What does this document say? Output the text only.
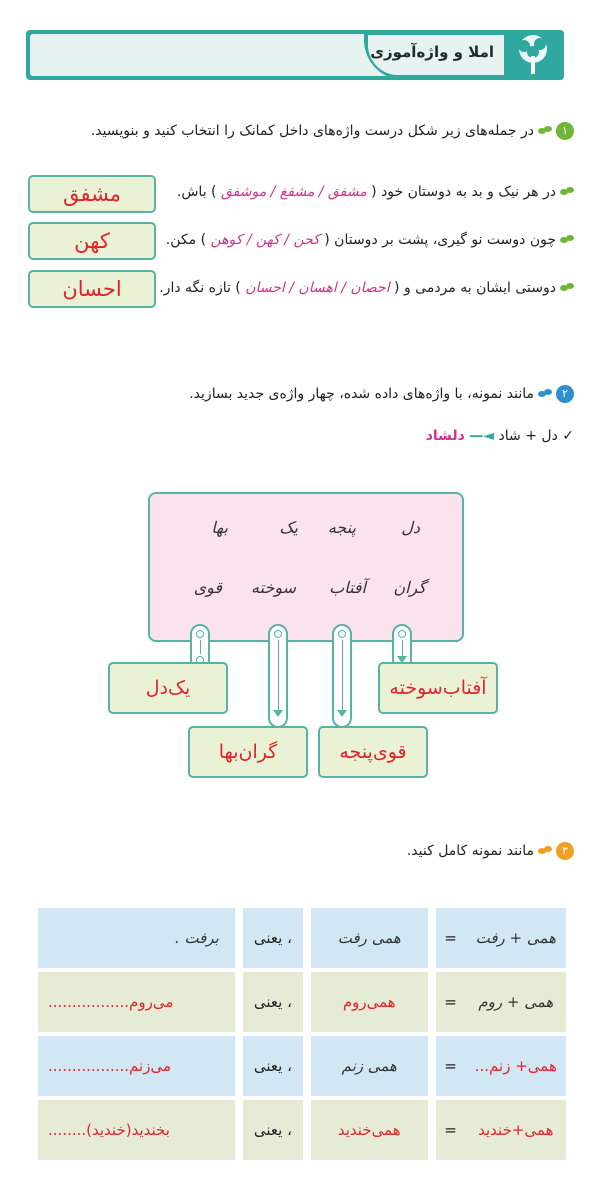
املا و واژه‌آموزی
۱در جمله‌های زیر شکل درست واژه‌های داخل کمانک را انتخاب کنید و بنویسید.
در هر نیک و بد به دوستان خود ( مشفق / مشفغ / موشفق ) باش.
مشفق
چون دوست نو گیری، پشت بر دوستان ( کحن / کهن / کوهن ) مکن.
کهن
دوستی ایشان به مردمی و ( احصان / اهسان / احسان ) تازه نگه دار.
احسان
۲مانند نمونه، با واژه‌های داده شده، چهار واژه‌ی جدید بسازید.
✓ دل + شاد ◄— دلشاد
دل
پنجه
یک
بها
گران
آفتاب
سوخته
قوی
آفتاب‌سوخته
یک‌دل
قوی‌پنجه
گران‌بها
۳مانند نمونه کامل کنید.
همی + رفت	=		همی رفت		، یعنی		برفت .
همی + روم	=		همی‌روم		، یعنی		می‌روم.................
همی+ زنم...	=		همی زنم		، یعنی		می‌زنم.................
همی+خندید	=		همی‌خندید		، یعنی		بخندید(خندید)........
